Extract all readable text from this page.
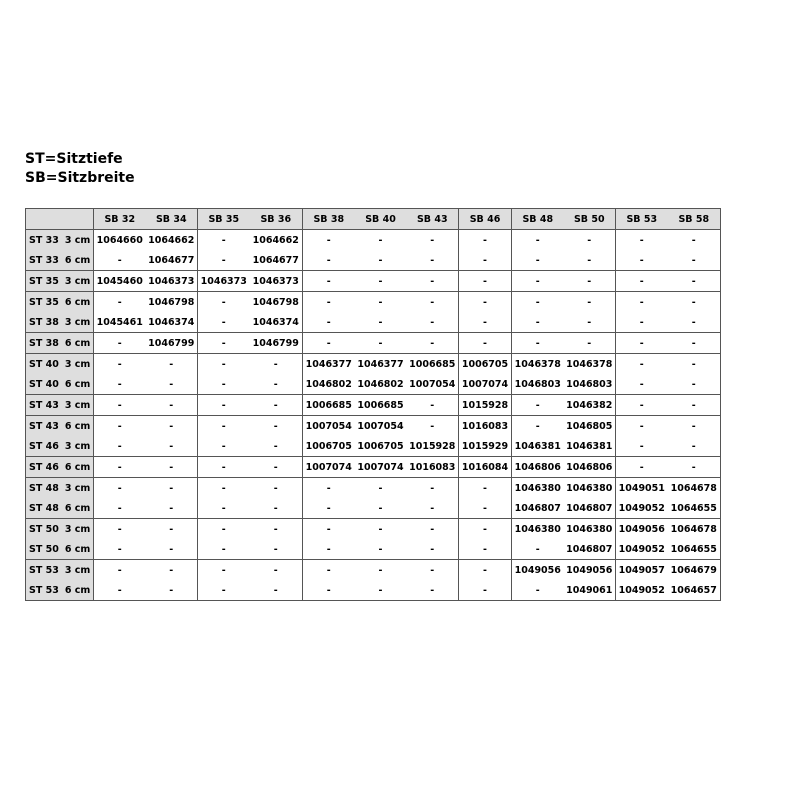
ST=Sitztiefe
SB=Sitzbreite
	SB 32	SB 34	SB 35	SB 36	SB 38	SB 40	SB 43	SB 46	SB 48	SB 50	SB 53	SB 58
ST 33 3 cm	1064660	1064662	-	1064662	-	-	-	-	-	-	-	-
ST 33 6 cm	-	1064677	-	1064677	-	-	-	-	-	-	-	-
ST 35 3 cm	1045460	1046373	1046373	1046373	-	-	-	-	-	-	-	-
ST 35 6 cm	-	1046798	-	1046798	-	-	-	-	-	-	-	-
ST 38 3 cm	1045461	1046374	-	1046374	-	-	-	-	-	-	-	-
ST 38 6 cm	-	1046799	-	1046799	-	-	-	-	-	-	-	-
ST 40 3 cm	-	-	-	-	1046377	1046377	1006685	1006705	1046378	1046378	-	-
ST 40 6 cm	-	-	-	-	1046802	1046802	1007054	1007074	1046803	1046803	-	-
ST 43 3 cm	-	-	-	-	1006685	1006685	-	1015928	-	1046382	-	-
ST 43 6 cm	-	-	-	-	1007054	1007054	-	1016083	-	1046805	-	-
ST 46 3 cm	-	-	-	-	1006705	1006705	1015928	1015929	1046381	1046381	-	-
ST 46 6 cm	-	-	-	-	1007074	1007074	1016083	1016084	1046806	1046806	-	-
ST 48 3 cm	-	-	-	-	-	-	-	-	1046380	1046380	1049051	1064678
ST 48 6 cm	-	-	-	-	-	-	-	-	1046807	1046807	1049052	1064655
ST 50 3 cm	-	-	-	-	-	-	-	-	1046380	1046380	1049056	1064678
ST 50 6 cm	-	-	-	-	-	-	-	-	-	1046807	1049052	1064655
ST 53 3 cm	-	-	-	-	-	-	-	-	1049056	1049056	1049057	1064679
ST 53 6 cm	-	-	-	-	-	-	-	-	-	1049061	1049052	1064657
